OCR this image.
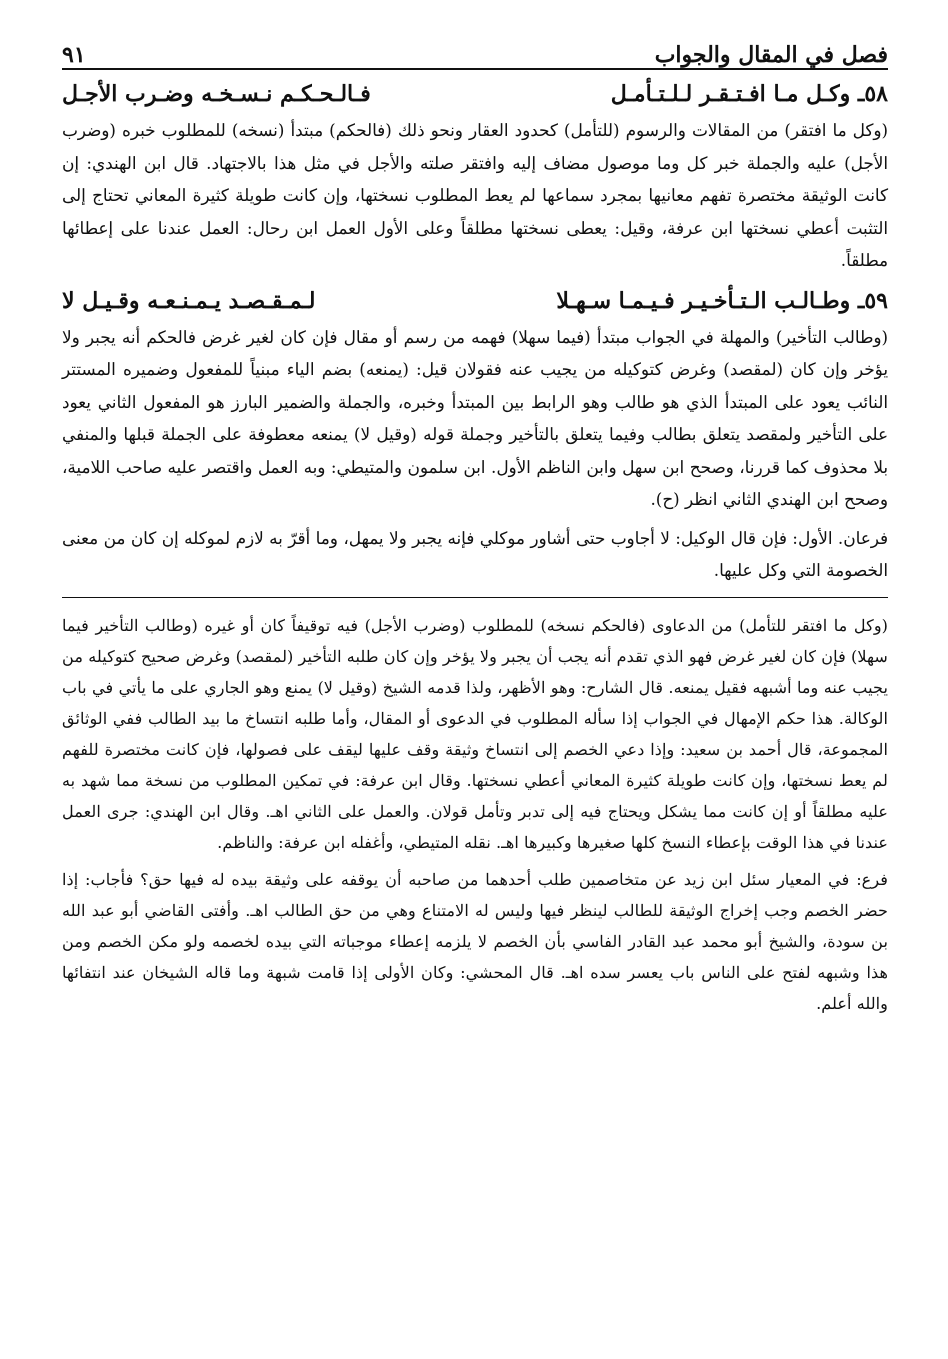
فصل في المقال والجواب
٩١
٥٨ـ وكـل مـا افـتـقـر لـلـتـأمـل
فـالـحـكـم نـسـخـه وضـرب الأجـل

(وكل ما افتقر) من المقالات والرسوم (للتأمل) كحدود العقار ونحو ذلك (فالحكم) مبتدأ (نسخه) للمطلوب خبره (وضرب الأجل) عليه والجملة خبر كل وما موصول مضاف إليه وافتقر صلته والأجل في مثل هذا بالاجتهاد. قال ابن الهندي: إن كانت الوثيقة مختصرة تفهم معانيها بمجرد سماعها لم يعط المطلوب نسختها، وإن كانت طويلة كثيرة المعاني تحتاج إلى التثبت أعطي نسختها ابن عرفة، وقيل: يعطى نسختها مطلقاً وعلى الأول العمل ابن رحال: العمل عندنا على إعطائها مطلقاً.

٥٩ـ وطـالـب الـتـأخـيـر فـيـمـا سـهـلا
لـمـقـصـد يـمـنـعـه وقـيـل لا

(وطالب التأخير) والمهلة في الجواب مبتدأ (فيما سهلا) فهمه من رسم أو مقال فإن كان لغير غرض فالحكم أنه يجبر ولا يؤخر وإن كان (لمقصد) وغرض كتوكيله من يجيب عنه فقولان قيل: (يمنعه) بضم الياء مبنياً للمفعول وضميره المستتر النائب يعود على المبتدأ الذي هو طالب وهو الرابط بين المبتدأ وخبره، والجملة والضمير البارز هو المفعول الثاني يعود على التأخير ولمقصد يتعلق بطالب وفيما يتعلق بالتأخير وجملة قوله (وقيل لا) يمنعه معطوفة على الجملة قبلها والمنفي بلا محذوف كما قررنا، وصحح ابن سهل وابن الناظم الأول. ابن سلمون والمتيطي: وبه العمل واقتصر عليه صاحب اللامية، وصحح ابن الهندي الثاني انظر (ح).

فرعان. الأول: فإن قال الوكيل: لا أجاوب حتى أشاور موكلي فإنه يجبر ولا يمهل، وما أقرّ به لازم لموكله إن كان من معنى الخصومة التي وكل عليها.

(وكل ما افتقر للتأمل) من الدعاوى (فالحكم نسخه) للمطلوب (وضرب الأجل) فيه توقيفاً كان أو غيره (وطالب التأخير فيما سهلا) فإن كان لغير غرض فهو الذي تقدم أنه يجب أن يجبر ولا يؤخر وإن كان طلبه التأخير (لمقصد) وغرض صحيح كتوكيله من يجيب عنه وما أشبهه فقيل يمنعه. قال الشارح: وهو الأظهر، ولذا قدمه الشيخ (وقيل لا) يمنع وهو الجاري على ما يأتي في باب الوكالة. هذا حكم الإمهال في الجواب إذا سأله المطلوب في الدعوى أو المقال، وأما طلبه انتساخ ما بيد الطالب ففي الوثائق المجموعة، قال أحمد بن سعيد: وإذا دعي الخصم إلى انتساخ وثيقة وقف عليها ليقف على فصولها، فإن كانت مختصرة للفهم لم يعط نسختها، وإن كانت طويلة كثيرة المعاني أعطي نسختها. وقال ابن عرفة: في تمكين المطلوب من نسخة مما شهد به عليه مطلقاً أو إن كانت مما يشكل ويحتاج فيه إلى تدبر وتأمل قولان. والعمل على الثاني اهـ. وقال ابن الهندي: جرى العمل عندنا في هذا الوقت بإعطاء النسخ كلها صغيرها وكبيرها اهـ. نقله المتيطي، وأغفله ابن عرفة: والناظم.

فرع: في المعيار سئل ابن زيد عن متخاصمين طلب أحدهما من صاحبه أن يوقفه على وثيقة بيده له فيها حق؟ فأجاب: إذا حضر الخصم وجب إخراج الوثيقة للطالب لينظر فيها وليس له الامتناع وهي من حق الطالب اهـ. وأفتى القاضي أبو عبد الله بن سودة، والشيخ أبو محمد عبد القادر الفاسي بأن الخصم لا يلزمه إعطاء موجباته التي بيده لخصمه ولو مكن الخصم ومن هذا وشبهه لفتح على الناس باب يعسر سده اهـ. قال المحشي: وكان الأولى إذا قامت شبهة وما قاله الشيخان عند انتفائها والله أعلم.
